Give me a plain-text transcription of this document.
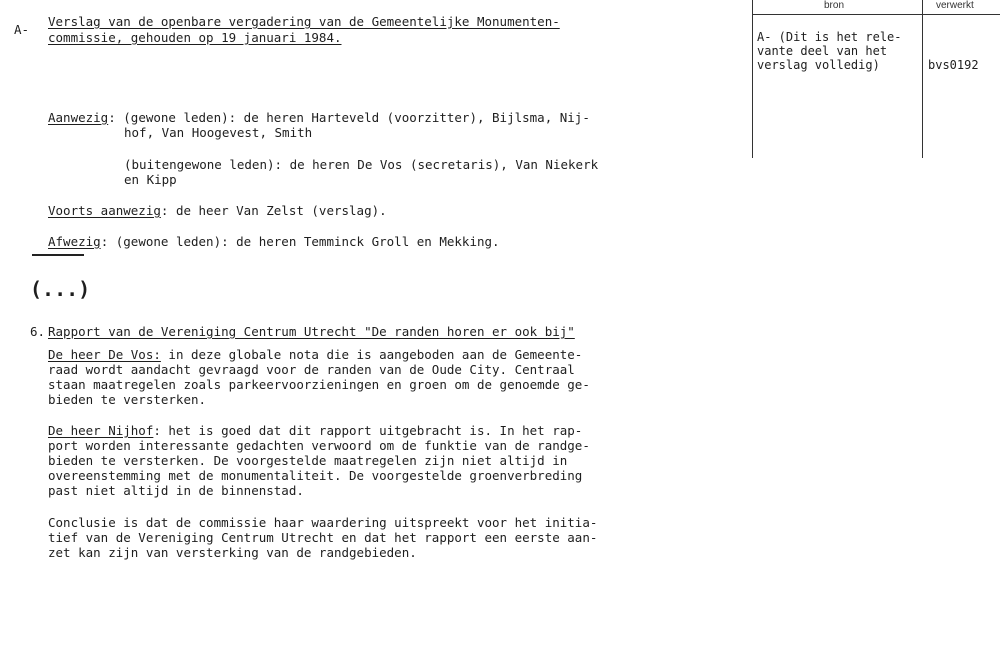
bron	verwerkt
A- (Dit is het rele-
vante deel van het
verslag volledig)	bvs0192
A-
Verslag van de openbare vergadering van de Gemeentelijke Monumenten-
commissie, gehouden op 19 januari 1984.
Aanwezig: (gewone leden): de heren Harteveld (voorzitter), Bijlsma, Nij-
hof, Van Hoogevest, Smith
(buitengewone leden): de heren De Vos (secretaris), Van Niekerk
en Kipp
Voorts aanwezig: de heer Van Zelst (verslag).
Afwezig: (gewone leden): de heren Temminck Groll en Mekking.
(...)
6. Rapport van de Vereniging Centrum Utrecht "De randen horen er ook bij"
De heer De Vos: in deze globale nota die is aangeboden aan de Gemeente-
raad wordt aandacht gevraagd voor de randen van de Oude City. Centraal
staan maatregelen zoals parkeervoorzieningen en groen om de genoemde ge-
bieden te versterken.
De heer Nijhof: het is goed dat dit rapport uitgebracht is. In het rap-
port worden interessante gedachten verwoord om de funktie van de randge-
bieden te versterken. De voorgestelde maatregelen zijn niet altijd in
overeenstemming met de monumentaliteit. De voorgestelde groenverbreding
past niet altijd in de binnenstad.
Conclusie is dat de commissie haar waardering uitspreekt voor het initia-
tief van de Vereniging Centrum Utrecht en dat het rapport een eerste aan-
zet kan zijn van versterking van de randgebieden.
